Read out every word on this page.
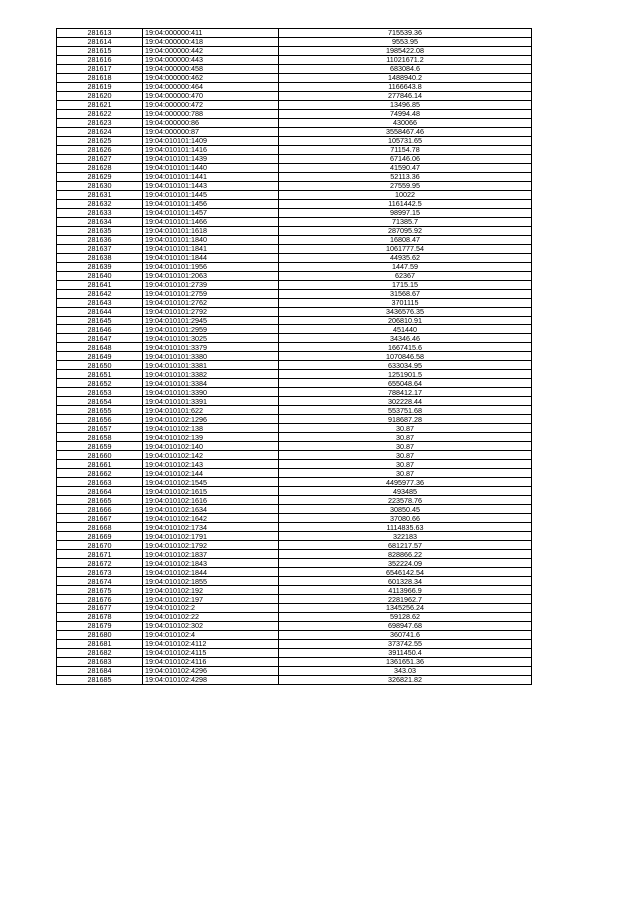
281613	19:04:000000:411	715539.36
281614	19:04:000000:418	9553.95
281615	19:04:000000:442	1985422.08
281616	19:04:000000:443	11021671.2
281617	19:04:000000:458	683084.6
281618	19:04:000000:462	1488940.2
281619	19:04:000000:464	1166643.8
281620	19:04:000000:470	277846.14
281621	19:04:000000:472	13496.85
281622	19:04:000000:788	74994.48
281623	19:04:000000:86	430066
281624	19:04:000000:87	3558467.46
281625	19:04:010101:1409	105731.65
281626	19:04:010101:1416	71154.78
281627	19:04:010101:1439	67146.06
281628	19:04:010101:1440	41590.47
281629	19:04:010101:1441	52113.36
281630	19:04:010101:1443	27559.95
281631	19:04:010101:1445	10022
281632	19:04:010101:1456	1161442.5
281633	19:04:010101:1457	98997.15
281634	19:04:010101:1466	71385.7
281635	19:04:010101:1618	287095.92
281636	19:04:010101:1840	16808.47
281637	19:04:010101:1841	1061777.54
281638	19:04:010101:1844	44935.62
281639	19:04:010101:1956	1447.59
281640	19:04:010101:2063	62367
281641	19:04:010101:2739	1715.15
281642	19:04:010101:2759	31568.67
281643	19:04:010101:2762	3701115
281644	19:04:010101:2792	3436576.35
281645	19:04:010101:2945	206810.91
281646	19:04:010101:2959	451440
281647	19:04:010101:3025	34346.46
281648	19:04:010101:3379	1667415.6
281649	19:04:010101:3380	1070846.58
281650	19:04:010101:3381	633034.95
281651	19:04:010101:3382	1251901.5
281652	19:04:010101:3384	655048.64
281653	19:04:010101:3390	788412.17
281654	19:04:010101:3391	302228.44
281655	19:04:010101:622	553751.68
281656	19:04:010102:1296	918687.28
281657	19:04:010102:138	30.87
281658	19:04:010102:139	30.87
281659	19:04:010102:140	30.87
281660	19:04:010102:142	30.87
281661	19:04:010102:143	30.87
281662	19:04:010102:144	30.87
281663	19:04:010102:1545	4495977.36
281664	19:04:010102:1615	493485
281665	19:04:010102:1616	223578.76
281666	19:04:010102:1634	30850.45
281667	19:04:010102:1642	37080.66
281668	19:04:010102:1734	1114835.63
281669	19:04:010102:1791	322183
281670	19:04:010102:1792	681217.57
281671	19:04:010102:1837	828866.22
281672	19:04:010102:1843	352224.09
281673	19:04:010102:1844	6546142.54
281674	19:04:010102:1855	601328.34
281675	19:04:010102:192	4113966.9
281676	19:04:010102:197	2281962.7
281677	19:04:010102:2	1345256.24
281678	19:04:010102:22	59128.62
281679	19:04:010102:302	698947.68
281680	19:04:010102:4	360741.6
281681	19:04:010102:4112	373742.55
281682	19:04:010102:4115	3911450.4
281683	19:04:010102:4116	1361651.36
281684	19:04:010102:4296	343.03
281685	19:04:010102:4298	326821.82
